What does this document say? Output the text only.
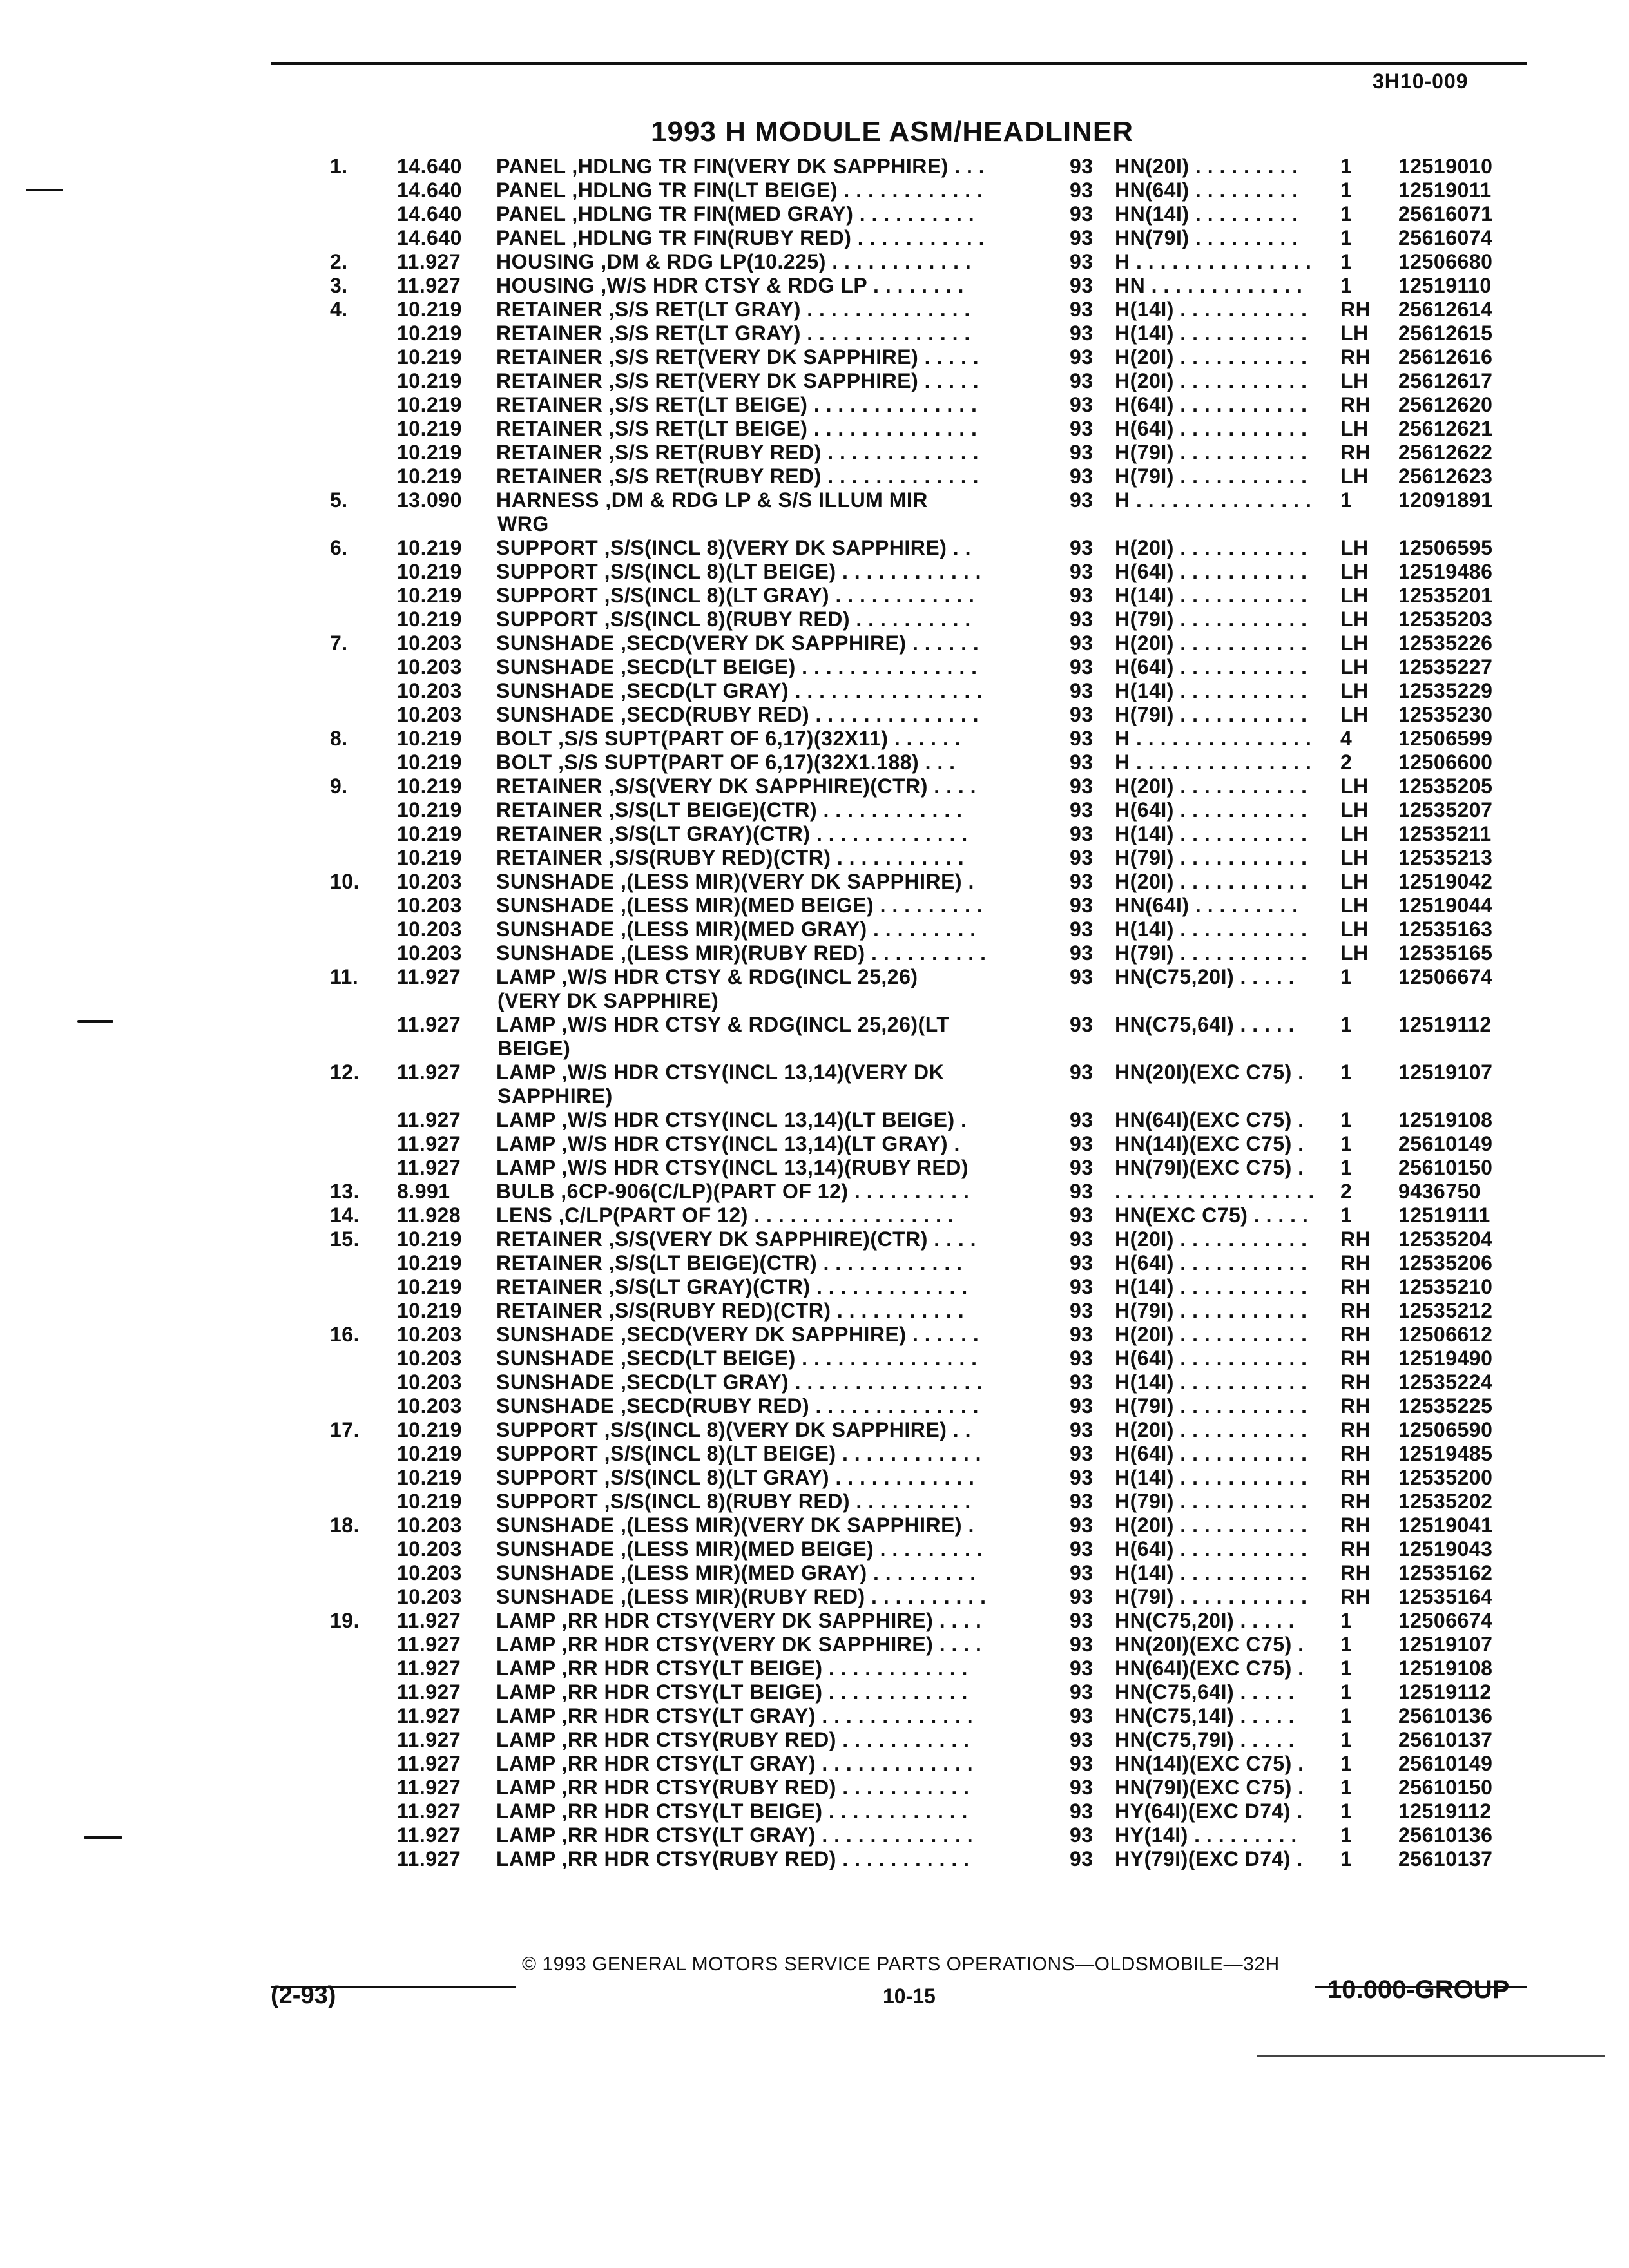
3H10-009
1993 H MODULE ASM/HEADLINER
1. 14.640 PANEL ,HDLNG TR FIN(VERY DK SAPPHIRE) . . .	93 HN(20I) . . . . . . . . . 1 12519010
14.640 PANEL ,HDLNG TR FIN(LT BEIGE) . . . . . . . . . . . .	93 HN(64I) . . . . . . . . . 1 12519011
14.640 PANEL ,HDLNG TR FIN(MED GRAY) . . . . . . . . . .	93 HN(14I) . . . . . . . . . 1 25616071
14.640 PANEL ,HDLNG TR FIN(RUBY RED) . . . . . . . . . . .	93 HN(79I) . . . . . . . . . 1 25616074
2. 11.927 HOUSING ,DM & RDG LP(10.225) . . . . . . . . . . . .	93 H . . . . . . . . . . . . . . . 1 12506680
3. 11.927 HOUSING ,W/S HDR CTSY & RDG LP . . . . . . . .	93 HN . . . . . . . . . . . . . 1 12519110
4. 10.219 RETAINER ,S/S RET(LT GRAY) . . . . . . . . . . . . . .	93 H(14I) . . . . . . . . . . . RH 25612614
10.219 RETAINER ,S/S RET(LT GRAY) . . . . . . . . . . . . . .	93 H(14I) . . . . . . . . . . . LH 25612615
10.219 RETAINER ,S/S RET(VERY DK SAPPHIRE) . . . . .	93 H(20I) . . . . . . . . . . . RH 25612616
10.219 RETAINER ,S/S RET(VERY DK SAPPHIRE) . . . . .	93 H(20I) . . . . . . . . . . . LH 25612617
10.219 RETAINER ,S/S RET(LT BEIGE) . . . . . . . . . . . . . .	93 H(64I) . . . . . . . . . . . RH 25612620
10.219 RETAINER ,S/S RET(LT BEIGE) . . . . . . . . . . . . . .	93 H(64I) . . . . . . . . . . . LH 25612621
10.219 RETAINER ,S/S RET(RUBY RED) . . . . . . . . . . . . .	93 H(79I) . . . . . . . . . . . RH 25612622
10.219 RETAINER ,S/S RET(RUBY RED) . . . . . . . . . . . . .	93 H(79I) . . . . . . . . . . . LH 25612623
5. 13.090 HARNESS ,DM & RDG LP & S/S ILLUM MIR	93 H . . . . . . . . . . . . . . . 1 12091891
WRG
6. 10.219 SUPPORT ,S/S(INCL 8)(VERY DK SAPPHIRE) . .	93 H(20I) . . . . . . . . . . . LH 12506595
10.219 SUPPORT ,S/S(INCL 8)(LT BEIGE) . . . . . . . . . . . .	93 H(64I) . . . . . . . . . . . LH 12519486
10.219 SUPPORT ,S/S(INCL 8)(LT GRAY) . . . . . . . . . . . .	93 H(14I) . . . . . . . . . . . LH 12535201
10.219 SUPPORT ,S/S(INCL 8)(RUBY RED) . . . . . . . . . .	93 H(79I) . . . . . . . . . . . LH 12535203
7. 10.203 SUNSHADE ,SECD(VERY DK SAPPHIRE) . . . . . .	93 H(20I) . . . . . . . . . . . LH 12535226
10.203 SUNSHADE ,SECD(LT BEIGE) . . . . . . . . . . . . . . .	93 H(64I) . . . . . . . . . . . LH 12535227
10.203 SUNSHADE ,SECD(LT GRAY) . . . . . . . . . . . . . . . .	93 H(14I) . . . . . . . . . . . LH 12535229
10.203 SUNSHADE ,SECD(RUBY RED) . . . . . . . . . . . . . .	93 H(79I) . . . . . . . . . . . LH 12535230
8. 10.219 BOLT ,S/S SUPT(PART OF 6,17)(32X11) . . . . . .	93 H . . . . . . . . . . . . . . . 4 12506599
10.219 BOLT ,S/S SUPT(PART OF 6,17)(32X1.188) . . .	93 H . . . . . . . . . . . . . . . 2 12506600
9. 10.219 RETAINER ,S/S(VERY DK SAPPHIRE)(CTR) . . . .	93 H(20I) . . . . . . . . . . . LH 12535205
10.219 RETAINER ,S/S(LT BEIGE)(CTR) . . . . . . . . . . . .	93 H(64I) . . . . . . . . . . . LH 12535207
10.219 RETAINER ,S/S(LT GRAY)(CTR) . . . . . . . . . . . . .	93 H(14I) . . . . . . . . . . . LH 12535211
10.219 RETAINER ,S/S(RUBY RED)(CTR) . . . . . . . . . . .	93 H(79I) . . . . . . . . . . . LH 12535213
10. 10.203 SUNSHADE ,(LESS MIR)(VERY DK SAPPHIRE) .	93 H(20I) . . . . . . . . . . . LH 12519042
10.203 SUNSHADE ,(LESS MIR)(MED BEIGE) . . . . . . . . .	93 HN(64I) . . . . . . . . . LH 12519044
10.203 SUNSHADE ,(LESS MIR)(MED GRAY) . . . . . . . . .	93 H(14I) . . . . . . . . . . . LH 12535163
10.203 SUNSHADE ,(LESS MIR)(RUBY RED) . . . . . . . . . .	93 H(79I) . . . . . . . . . . . LH 12535165
11. 11.927 LAMP ,W/S HDR CTSY & RDG(INCL 25,26)	93 HN(C75,20I) . . . . . 1 12506674
(VERY DK SAPPHIRE)
11.927 LAMP ,W/S HDR CTSY & RDG(INCL 25,26)(LT	93 HN(C75,64I) . . . . . 1 12519112
BEIGE)
12. 11.927 LAMP ,W/S HDR CTSY(INCL 13,14)(VERY DK	93 HN(20I)(EXC C75) . 1 12519107
SAPPHIRE)
11.927 LAMP ,W/S HDR CTSY(INCL 13,14)(LT BEIGE) .	93 HN(64I)(EXC C75) . 1 12519108
11.927 LAMP ,W/S HDR CTSY(INCL 13,14)(LT GRAY) .	93 HN(14I)(EXC C75) . 1 25610149
11.927 LAMP ,W/S HDR CTSY(INCL 13,14)(RUBY RED)	93 HN(79I)(EXC C75) . 1 25610150
13. 8.991 BULB ,6CP-906(C/LP)(PART OF 12) . . . . . . . . . .	93 . . . . . . . . . . . . . . . . . 2 9436750
14. 11.928 LENS ,C/LP(PART OF 12) . . . . . . . . . . . . . . . . .	93 HN(EXC C75) . . . . . 1 12519111
15. 10.219 RETAINER ,S/S(VERY DK SAPPHIRE)(CTR) . . . .	93 H(20I) . . . . . . . . . . . RH 12535204
10.219 RETAINER ,S/S(LT BEIGE)(CTR) . . . . . . . . . . . .	93 H(64I) . . . . . . . . . . . RH 12535206
10.219 RETAINER ,S/S(LT GRAY)(CTR) . . . . . . . . . . . . .	93 H(14I) . . . . . . . . . . . RH 12535210
10.219 RETAINER ,S/S(RUBY RED)(CTR) . . . . . . . . . . .	93 H(79I) . . . . . . . . . . . RH 12535212
16. 10.203 SUNSHADE ,SECD(VERY DK SAPPHIRE) . . . . . .	93 H(20I) . . . . . . . . . . . RH 12506612
10.203 SUNSHADE ,SECD(LT BEIGE) . . . . . . . . . . . . . . .	93 H(64I) . . . . . . . . . . . RH 12519490
10.203 SUNSHADE ,SECD(LT GRAY) . . . . . . . . . . . . . . . .	93 H(14I) . . . . . . . . . . . RH 12535224
10.203 SUNSHADE ,SECD(RUBY RED) . . . . . . . . . . . . . .	93 H(79I) . . . . . . . . . . . RH 12535225
17. 10.219 SUPPORT ,S/S(INCL 8)(VERY DK SAPPHIRE) . .	93 H(20I) . . . . . . . . . . . RH 12506590
10.219 SUPPORT ,S/S(INCL 8)(LT BEIGE) . . . . . . . . . . . .	93 H(64I) . . . . . . . . . . . RH 12519485
10.219 SUPPORT ,S/S(INCL 8)(LT GRAY) . . . . . . . . . . . .	93 H(14I) . . . . . . . . . . . RH 12535200
10.219 SUPPORT ,S/S(INCL 8)(RUBY RED) . . . . . . . . . .	93 H(79I) . . . . . . . . . . . RH 12535202
18. 10.203 SUNSHADE ,(LESS MIR)(VERY DK SAPPHIRE) .	93 H(20I) . . . . . . . . . . . RH 12519041
10.203 SUNSHADE ,(LESS MIR)(MED BEIGE) . . . . . . . . .	93 H(64I) . . . . . . . . . . . RH 12519043
10.203 SUNSHADE ,(LESS MIR)(MED GRAY) . . . . . . . . .	93 H(14I) . . . . . . . . . . . RH 12535162
10.203 SUNSHADE ,(LESS MIR)(RUBY RED) . . . . . . . . . .	93 H(79I) . . . . . . . . . . . RH 12535164
19. 11.927 LAMP ,RR HDR CTSY(VERY DK SAPPHIRE) . . . .	93 HN(C75,20I) . . . . . 1 12506674
11.927 LAMP ,RR HDR CTSY(VERY DK SAPPHIRE) . . . .	93 HN(20I)(EXC C75) . 1 12519107
11.927 LAMP ,RR HDR CTSY(LT BEIGE) . . . . . . . . . . . .	93 HN(64I)(EXC C75) . 1 12519108
11.927 LAMP ,RR HDR CTSY(LT BEIGE) . . . . . . . . . . . .	93 HN(C75,64I) . . . . . 1 12519112
11.927 LAMP ,RR HDR CTSY(LT GRAY) . . . . . . . . . . . . .	93 HN(C75,14I) . . . . . 1 25610136
11.927 LAMP ,RR HDR CTSY(RUBY RED) . . . . . . . . . . .	93 HN(C75,79I) . . . . . 1 25610137
11.927 LAMP ,RR HDR CTSY(LT GRAY) . . . . . . . . . . . . .	93 HN(14I)(EXC C75) . 1 25610149
11.927 LAMP ,RR HDR CTSY(RUBY RED) . . . . . . . . . . .	93 HN(79I)(EXC C75) . 1 25610150
11.927 LAMP ,RR HDR CTSY(LT BEIGE) . . . . . . . . . . . .	93 HY(64I)(EXC D74) . 1 12519112
11.927 LAMP ,RR HDR CTSY(LT GRAY) . . . . . . . . . . . . .	93 HY(14I) . . . . . . . . . 1 25610136
11.927 LAMP ,RR HDR CTSY(RUBY RED) . . . . . . . . . . .	93 HY(79I)(EXC D74) . 1 25610137
© 1993 GENERAL MOTORS SERVICE PARTS OPERATIONS—OLDSMOBILE—32H
(2-93)	10-15	10.000-GROUP
